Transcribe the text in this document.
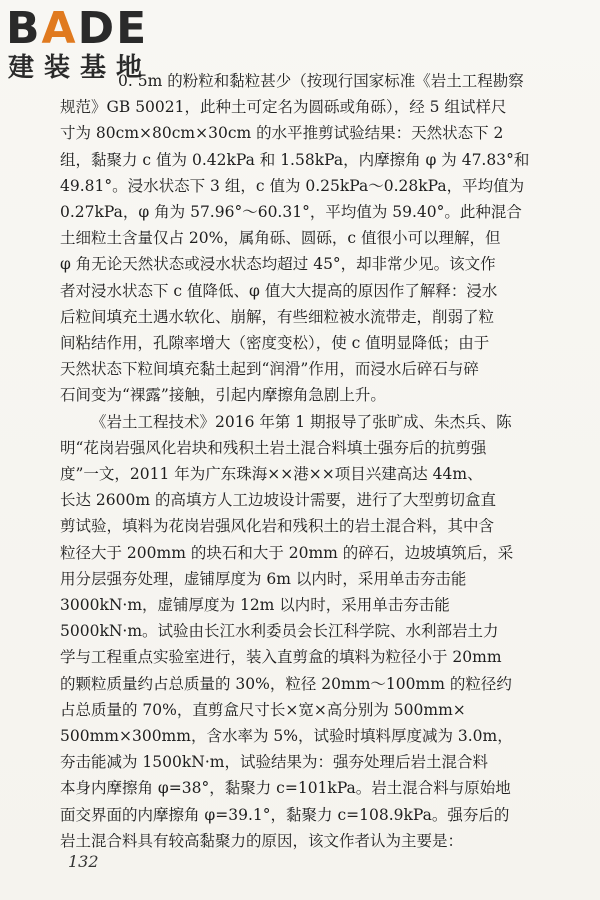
BADE
建装基地
0. 5m 的粉粒和黏粒甚少（按现行国家标准《岩土工程勘察
规范》GB 50021，此种土可定名为圆砾或角砾），经 5 组试样尺
寸为 80cm×80cm×30cm 的水平推剪试验结果：天然状态下 2
组，黏聚力 c 值为 0.42kPa 和 1.58kPa，内摩擦角 φ 为 47.83°和
49.81°。浸水状态下 3 组，c 值为 0.25kPa～0.28kPa，平均值为
0.27kPa，φ 角为 57.96°～60.31°，平均值为 59.40°。此种混合
土细粒土含量仅占 20%，属角砾、圆砾，c 值很小可以理解，但
φ 角无论天然状态或浸水状态均超过 45°，却非常少见。该文作
者对浸水状态下 c 值降低、φ 值大大提高的原因作了解释：浸水
后粒间填充土遇水软化、崩解，有些细粒被水流带走，削弱了粒
间粘结作用，孔隙率增大（密度变松），使 c 值明显降低；由于
天然状态下粒间填充黏土起到“润滑”作用，而浸水后碎石与碎
石间变为“裸露”接触，引起内摩擦角急剧上升。
《岩土工程技术》2016 年第 1 期报导了张旷成、朱杰兵、陈
明“花岗岩强风化岩块和残积土岩土混合料填土强夯后的抗剪强
度”一文，2011 年为广东珠海××港××项目兴建高达 44m、
长达 2600m 的高填方人工边坡设计需要，进行了大型剪切盒直
剪试验，填料为花岗岩强风化岩和残积土的岩土混合料，其中含
粒径大于 200mm 的块石和大于 20mm 的碎石，边坡填筑后，采
用分层强夯处理，虚铺厚度为 6m 以内时，采用单击夯击能
3000kN·m，虚铺厚度为 12m 以内时，采用单击夯击能
5000kN·m。试验由长江水利委员会长江科学院、水利部岩土力
学与工程重点实验室进行，装入直剪盒的填料为粒径小于 20mm
的颗粒质量约占总质量的 30%，粒径 20mm～100mm 的粒径约
占总质量的 70%，直剪盒尺寸长×宽×高分别为 500mm×
500mm×300mm，含水率为 5%，试验时填料厚度减为 3.0m，
夯击能减为 1500kN·m，试验结果为：强夯处理后岩土混合料
本身内摩擦角 φ=38°，黏聚力 c=101kPa。岩土混合料与原始地
面交界面的内摩擦角 φ=39.1°，黏聚力 c=108.9kPa。强夯后的
岩土混合料具有较高黏聚力的原因，该文作者认为主要是：
132
